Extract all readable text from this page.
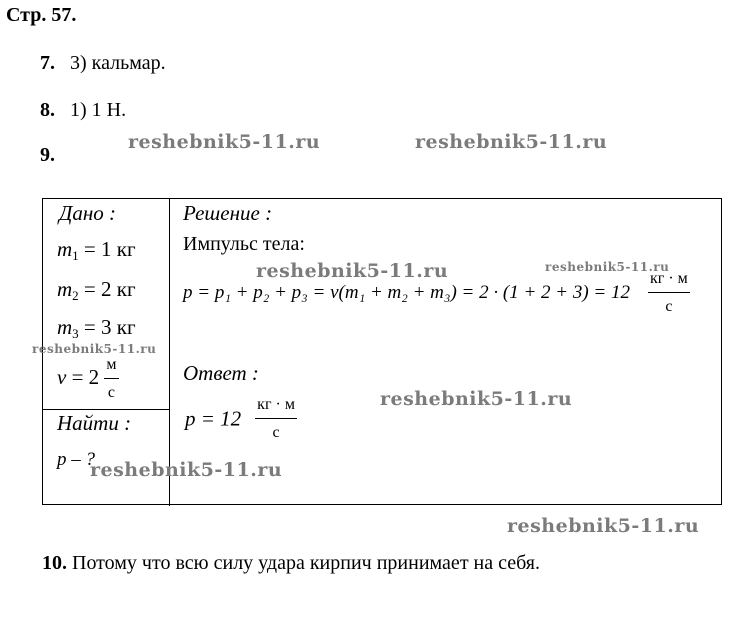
Стр. 57.
7. 3) кальмар.
8. 1) 1 Н.
9.
reshebnik5-11.ru	reshebnik5-11.ru
Дано :
$m_1 = 1$ кг
$m_2 = 2$ кг
$m_3 = 3$ кг
$v = 2 \frac{м}{с}$
Найти :
p – ?
Решение :
Импульс тела:
$p = p_1 + p_2 + p_3 = v(m_1 + m_2 + m_3) = 2 \cdot (1 + 2 + 3) = 12 \frac{кг \cdot м}{с}$
Ответ :
$p = 12 \frac{кг \cdot м}{с}$
reshebnik5-11.ru	reshebnik5-11.ru
reshebnik5-11.ru
reshebnik5-11.ru
reshebnik5-11.ru
reshebnik5-11.ru
10. Потому что всю силу удара кирпич принимает на себя.
